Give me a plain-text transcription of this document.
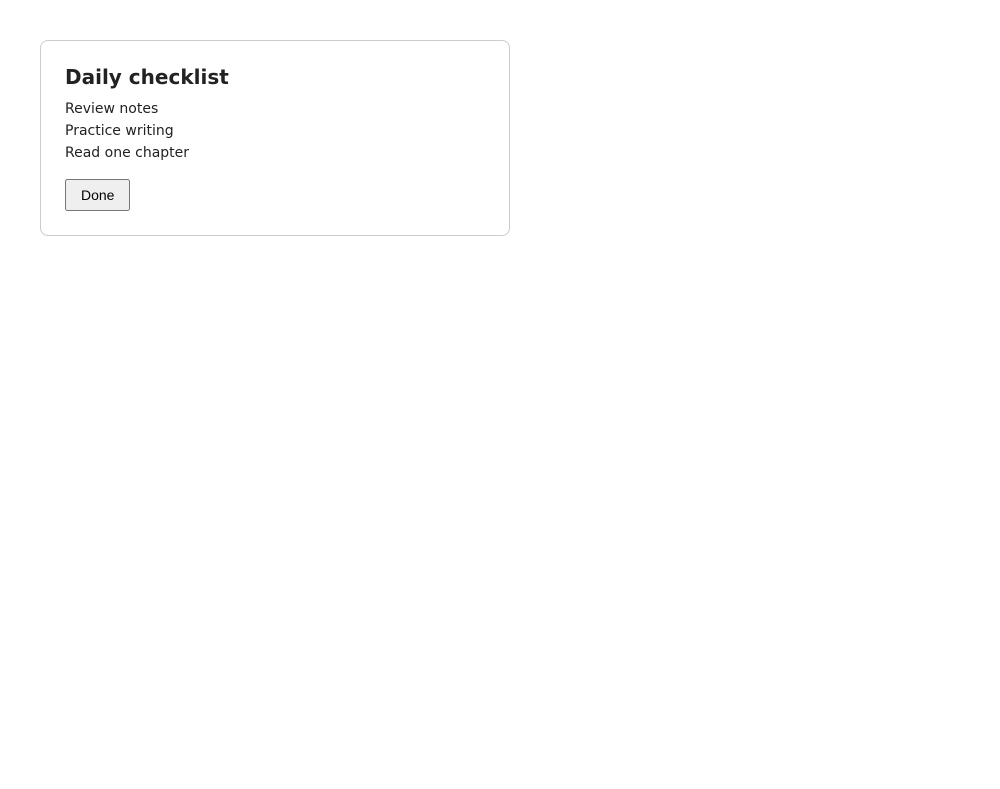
Daily checklist
Review notes
Practice writing
Read one chapter
Done
